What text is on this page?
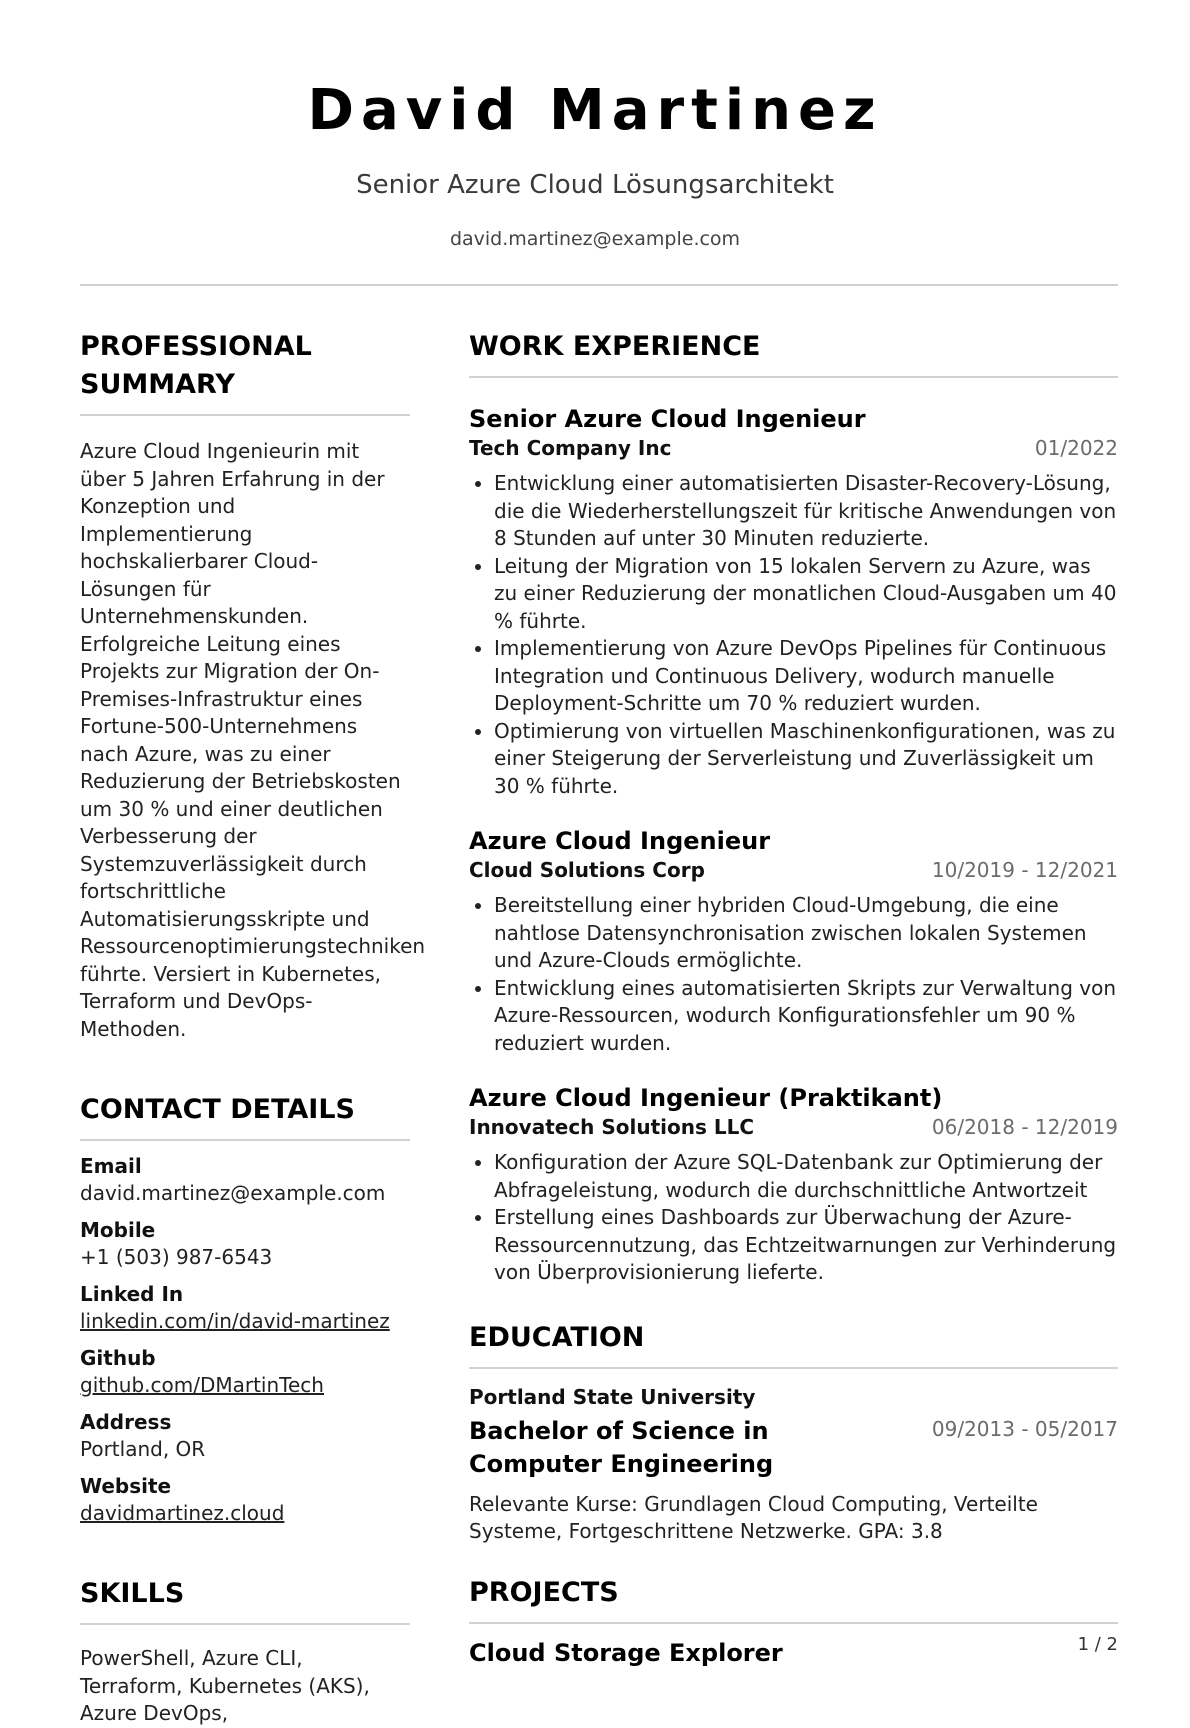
David Martinez
Senior Azure Cloud Lösungsarchitekt
david.martinez@example.com
PROFESSIONAL
SUMMARY
Azure Cloud Ingenieurin mit über 5 Jahren Erfahrung in der Konzeption und Implementierung hochskalierbarer Cloud-Lösungen für Unternehmenskunden. Erfolgreiche Leitung eines Projekts zur Migration der On-Premises-Infrastruktur eines Fortune-500-Unternehmens nach Azure, was zu einer Reduzierung der Betriebskosten um 30 % und einer deutlichen Verbesserung der Systemzuverlässigkeit durch fortschrittliche Automatisierungsskripte und Ressourcenoptimierungstechniken führte. Versiert in Kubernetes, Terraform und DevOps-Methoden.
CONTACT DETAILS
Email
david.martinez@example.com
Mobile
+1 (503) 987-6543
Linked In
linkedin.com/in/david-martinez
Github
github.com/DMartinTech
Address
Portland, OR
Website
davidmartinez.cloud
SKILLS
PowerShell, Azure CLI, Terraform, Kubernetes (AKS), Azure DevOps,
WORK EXPERIENCE
Senior Azure Cloud Ingenieur
Tech Company Inc	01/2022
• Entwicklung einer automatisierten Disaster-Recovery-Lösung, die die Wiederherstellungszeit für kritische Anwendungen von 8 Stunden auf unter 30 Minuten reduzierte.
• Leitung der Migration von 15 lokalen Servern zu Azure, was zu einer Reduzierung der monatlichen Cloud-Ausgaben um 40 % führte.
• Implementierung von Azure DevOps Pipelines für Continuous Integration und Continuous Delivery, wodurch manuelle Deployment-Schritte um 70 % reduziert wurden.
• Optimierung von virtuellen Maschinenkonfigurationen, was zu einer Steigerung der Serverleistung und Zuverlässigkeit um 30 % führte.
Azure Cloud Ingenieur
Cloud Solutions Corp	10/2019 - 12/2021
• Bereitstellung einer hybriden Cloud-Umgebung, die eine nahtlose Datensynchronisation zwischen lokalen Systemen und Azure-Clouds ermöglichte.
• Entwicklung eines automatisierten Skripts zur Verwaltung von Azure-Ressourcen, wodurch Konfigurationsfehler um 90 % reduziert wurden.
Azure Cloud Ingenieur (Praktikant)
Innovatech Solutions LLC	06/2018 - 12/2019
• Konfiguration der Azure SQL-Datenbank zur Optimierung der Abfrageleistung, wodurch die durchschnittliche Antwortzeit
• Erstellung eines Dashboards zur Überwachung der Azure-Ressourcennutzung, das Echtzeitwarnungen zur Verhinderung von Überprovisionierung lieferte.
EDUCATION
Portland State University
Bachelor of Science in Computer Engineering
09/2013 - 05/2017
Relevante Kurse: Grundlagen Cloud Computing, Verteilte Systeme, Fortgeschrittene Netzwerke. GPA: 3.8
PROJECTS
Cloud Storage Explorer	1 / 2
